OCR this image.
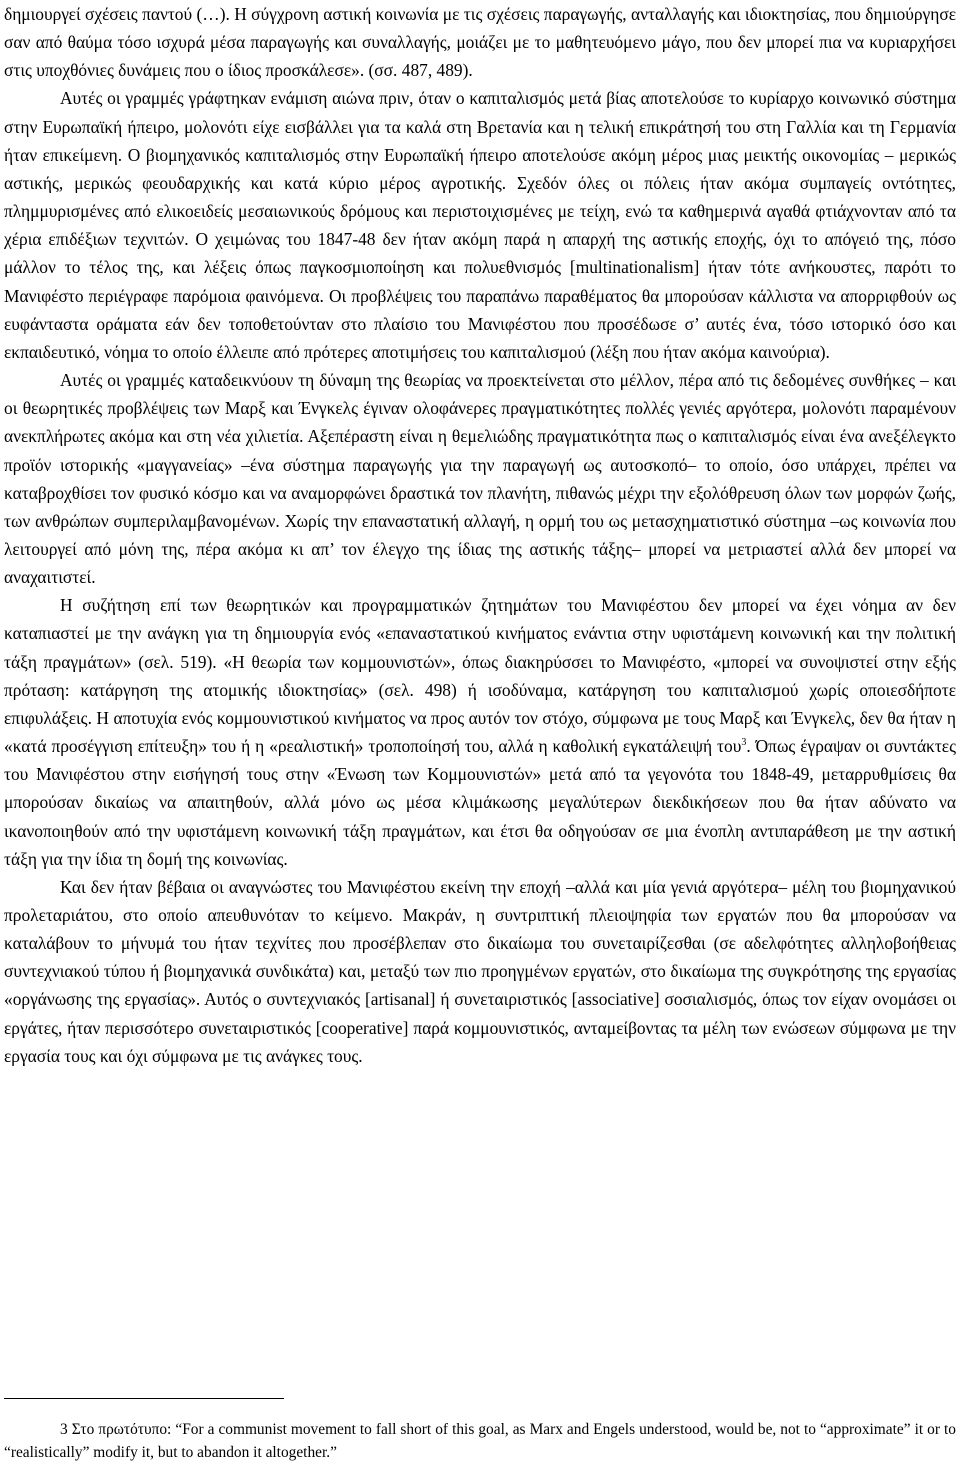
δημιουργεί σχέσεις παντού (…). Η σύγχρονη αστική κοινωνία με τις σχέσεις παραγωγής, ανταλλαγής και ιδιοκτησίας, που δημιούργησε σαν από θαύμα τόσο ισχυρά μέσα παραγωγής και συναλλαγής, μοιάζει με το μαθητευόμενο μάγο, που δεν μπορεί πια να κυριαρχήσει στις υποχθόνιες δυνάμεις που ο ίδιος προσκάλεσε». (σσ. 487, 489).

Αυτές οι γραμμές γράφτηκαν ενάμιση αιώνα πριν, όταν ο καπιταλισμός μετά βίας αποτελούσε το κυρίαρχο κοινωνικό σύστημα στην Ευρωπαϊκή ήπειρο, μολονότι είχε εισβάλλει για τα καλά στη Βρετανία και η τελική επικράτησή του στη Γαλλία και τη Γερμανία ήταν επικείμενη. Ο βιομηχανικός καπιταλισμός στην Ευρωπαϊκή ήπειρο αποτελούσε ακόμη μέρος μιας μεικτής οικονομίας – μερικώς αστικής, μερικώς φεουδαρχικής και κατά κύριο μέρος αγροτικής. Σχεδόν όλες οι πόλεις ήταν ακόμα συμπαγείς οντότητες, πλημμυρισμένες από ελικοειδείς μεσαιωνικούς δρόμους και περιστοιχισμένες με τείχη, ενώ τα καθημερινά αγαθά φτιάχνονταν από τα χέρια επιδέξιων τεχνιτών. Ο χειμώνας του 1847-48 δεν ήταν ακόμη παρά η απαρχή της αστικής εποχής, όχι το απόγειό της, πόσο μάλλον το τέλος της, και λέξεις όπως παγκοσμιοποίηση και πολυεθνισμός [multinationalism] ήταν τότε ανήκουστες, παρότι το Μανιφέστο περιέγραφε παρόμοια φαινόμενα. Οι προβλέψεις του παραπάνω παραθέματος θα μπορούσαν κάλλιστα να απορριφθούν ως ευφάνταστα οράματα εάν δεν τοποθετούνταν στο πλαίσιο του Μανιφέστου που προσέδωσε σ’ αυτές ένα, τόσο ιστορικό όσο και εκπαιδευτικό, νόημα το οποίο έλλειπε από πρότερες αποτιμήσεις του καπιταλισμού (λέξη που ήταν ακόμα καινούρια).

Αυτές οι γραμμές καταδεικνύουν τη δύναμη της θεωρίας να προεκτείνεται στο μέλλον, πέρα από τις δεδομένες συνθήκες – και οι θεωρητικές προβλέψεις των Μαρξ και Ένγκελς έγιναν ολοφάνερες πραγματικότητες πολλές γενιές αργότερα, μολονότι παραμένουν ανεκπλήρωτες ακόμα και στη νέα χιλιετία. Αξεπέραστη είναι η θεμελιώδης πραγματικότητα πως ο καπιταλισμός είναι ένα ανεξέλεγκτο προϊόν ιστορικής «μαγγανείας» –ένα σύστημα παραγωγής για την παραγωγή ως αυτοσκοπό– το οποίο, όσο υπάρχει, πρέπει να καταβροχθίσει τον φυσικό κόσμο και να αναμορφώνει δραστικά τον πλανήτη, πιθανώς μέχρι την εξολόθρευση όλων των μορφών ζωής, των ανθρώπων συμπεριλαμβανομένων. Χωρίς την επαναστατική αλλαγή, η ορμή του ως μετασχηματιστικό σύστημα –ως κοινωνία που λειτουργεί από μόνη της, πέρα ακόμα κι απ’ τον έλεγχο της ίδιας της αστικής τάξης– μπορεί να μετριαστεί αλλά δεν μπορεί να αναχαιτιστεί.

Η συζήτηση επί των θεωρητικών και προγραμματικών ζητημάτων του Μανιφέστου δεν μπορεί να έχει νόημα αν δεν καταπιαστεί με την ανάγκη για τη δημιουργία ενός «επαναστατικού κινήματος ενάντια στην υφιστάμενη κοινωνική και την πολιτική τάξη πραγμάτων» (σελ. 519). «Η θεωρία των κομμουνιστών», όπως διακηρύσσει το Μανιφέστο, «μπορεί να συνοψιστεί στην εξής πρόταση: κατάργηση της ατομικής ιδιοκτησίας» (σελ. 498) ή ισοδύναμα, κατάργηση του καπιταλισμού χωρίς οποιεσδήποτε επιφυλάξεις. Η αποτυχία ενός κομμουνιστικού κινήματος να προς αυτόν τον στόχο, σύμφωνα με τους Μαρξ και Ένγκελς, δεν θα ήταν η «κατά προσέγγιση επίτευξη» του ή η «ρεαλιστική» τροποποίησή του, αλλά η καθολική εγκατάλειψή του$^3$. Όπως έγραψαν οι συντάκτες του Μανιφέστου στην εισήγησή τους στην «Ένωση των Κομμουνιστών» μετά από τα γεγονότα του 1848-49, μεταρρυθμίσεις θα μπορούσαν δικαίως να απαιτηθούν, αλλά μόνο ως μέσα κλιμάκωσης μεγαλύτερων διεκδικήσεων που θα ήταν αδύνατο να ικανοποιηθούν από την υφιστάμενη κοινωνική τάξη πραγμάτων, και έτσι θα οδηγούσαν σε μια ένοπλη αντιπαράθεση με την αστική τάξη για την ίδια τη δομή της κοινωνίας.

Και δεν ήταν βέβαια οι αναγνώστες του Μανιφέστου εκείνη την εποχή –αλλά και μία γενιά αργότερα– μέλη του βιομηχανικού προλεταριάτου, στο οποίο απευθυνόταν το κείμενο. Μακράν, η συντριπτική πλειοψηφία των εργατών που θα μπορούσαν να καταλάβουν το μήνυμά του ήταν τεχνίτες που προσέβλεπαν στο δικαίωμα του συνεταιρίζεσθαι (σε αδελφότητες αλληλοβοήθειας συντεχνιακού τύπου ή βιομηχανικά συνδικάτα) και, μεταξύ των πιο προηγμένων εργατών, στο δικαίωμα της συγκρότησης της εργασίας «οργάνωσης της εργασίας». Αυτός ο συντεχνιακός [artisanal] ή συνεταιριστικός [associative] σοσιαλισμός, όπως τον είχαν ονομάσει οι εργάτες, ήταν περισσότερο συνεταιριστικός [cooperative] παρά κομμουνιστικός, ανταμείβοντας τα μέλη των ενώσεων σύμφωνα με την εργασία τους και όχι σύμφωνα με τις ανάγκες τους.

3 Στο πρωτότυπο: “For a communist movement to fall short of this goal, as Marx and Engels understood, would be, not to “approximate” it or to “realistically” modify it, but to abandon it altogether.”
